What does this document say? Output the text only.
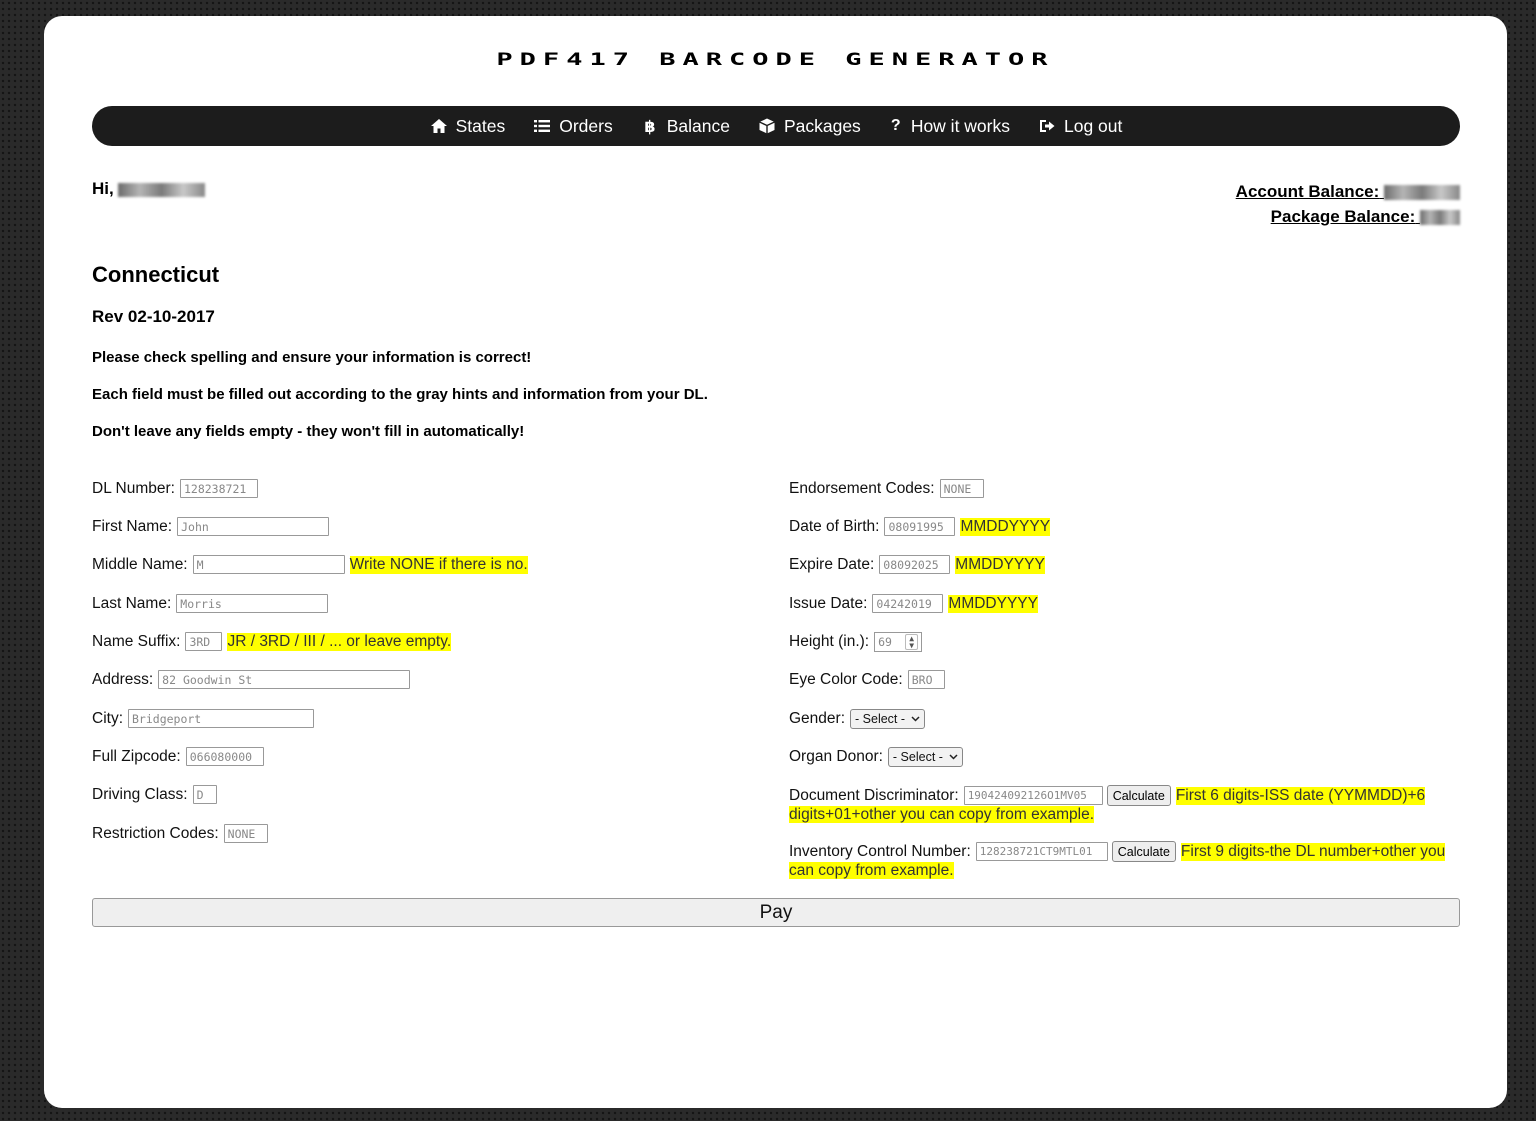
PDF417 BARCODE GENERATOR
States	Orders ฿ Balance	Packages ? How it works	Log out
Hi,	Account Balance:
Package Balance:
Connecticut
Rev 02-10-2017
Please check spelling and ensure your information is correct!
Each field must be filled out according to the gray hints and information from your DL.
Don't leave any fields empty - they won't fill in automatically!
DL Number:
128238721
First Name:
John
Middle Name:
M	Write NONE if there is no.
Last Name:
Morris
Name Suffix:
3RD	JR / 3RD / III / ... or leave empty.
Address:
82 Goodwin St
City:
Bridgeport
Full Zipcode:
066080000
Driving Class:
D
Restriction Codes:
NONE
Endorsement Codes:
NONE
Date of Birth:
08091995	MMDDYYYY
Expire Date:
08092025	MMDDYYYY
Issue Date:
04242019	MMDDYYYY
Height (in.): 69	▲
▼
Eye Color Code:
BRO
Gender: - Select -
Organ Donor: - Select -
Document Discriminator:
190424092126O1MV05	Calculate First 6 digits-ISS date (YYMMDD)+6
digits+01+other you can copy from example.
Inventory Control Number:
128238721CT9MTL01	Calculate First 9 digits-the DL number+other you
can copy from example.
Pay
